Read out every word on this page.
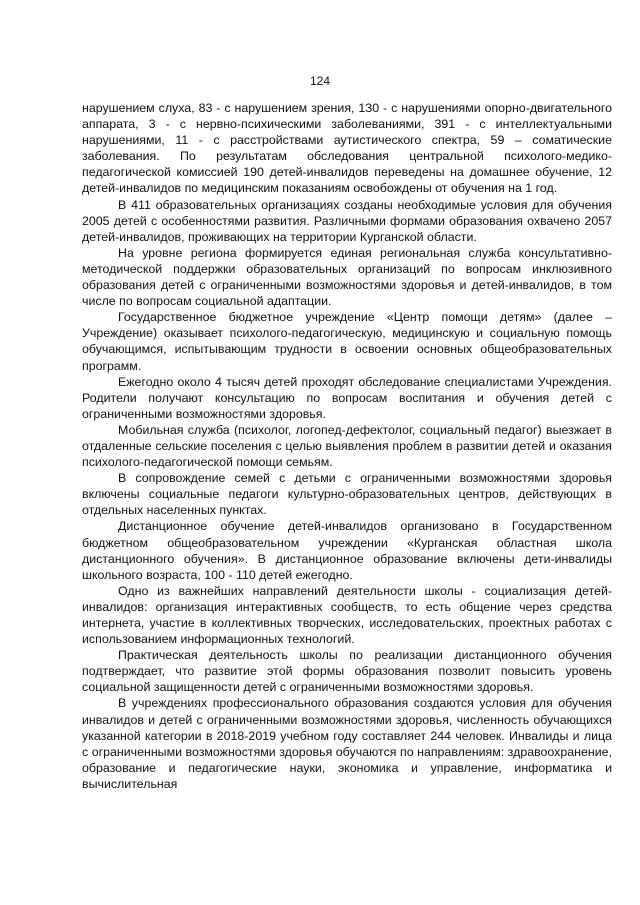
124

нарушением слуха, 83 - с нарушением зрения, 130 - с нарушениями опорно-двигательного аппарата, 3 - с нервно-психическими заболеваниями, 391 - с интеллектуальными нарушениями, 11 - с расстройствами аутистического спектра, 59 – соматические заболевания. По результатам обследования центральной психолого-медико-педагогической комиссией 190 детей-инвалидов переведены на домашнее обучение, 12 детей-инвалидов по медицинским показаниям освобождены от обучения на 1 год.

В 411 образовательных организациях созданы необходимые условия для обучения 2005 детей с особенностями развития. Различными формами образования охвачено 2057 детей-инвалидов, проживающих на территории Курганской области.

На уровне региона формируется единая региональная служба консультативно-методической поддержки образовательных организаций по вопросам инклюзивного образования детей с ограниченными возможностями здоровья и детей-инвалидов, в том числе по вопросам социальной адаптации.

Государственное бюджетное учреждение «Центр помощи детям» (далее – Учреждение) оказывает психолого-педагогическую, медицинскую и социальную помощь обучающимся, испытывающим трудности в освоении основных общеобразовательных программ.

Ежегодно около 4 тысяч детей проходят обследование специалистами Учреждения. Родители получают консультацию по вопросам воспитания и обучения детей с ограниченными возможностями здоровья.

Мобильная служба (психолог, логопед-дефектолог, социальный педагог) выезжает в отдаленные сельские поселения с целью выявления проблем в развитии детей и оказания психолого-педагогической помощи семьям.

В сопровождение семей с детьми с ограниченными возможностями здоровья включены социальные педагоги культурно-образовательных центров, действующих в отдельных населенных пунктах.

Дистанционное обучение детей-инвалидов организовано в Государственном бюджетном общеобразовательном учреждении «Курганская областная школа дистанционного обучения». В дистанционное образование включены дети-инвалиды школьного возраста, 100 - 110 детей ежегодно.

Одно из важнейших направлений деятельности школы - социализация детей-инвалидов: организация интерактивных сообществ, то есть общение через средства интернета, участие в коллективных творческих, исследовательских, проектных работах с использованием информационных технологий.

Практическая деятельность школы по реализации дистанционного обучения подтверждает, что развитие этой формы образования позволит повысить уровень социальной защищенности детей с ограниченными возможностями здоровья.

В учреждениях профессионального образования создаются условия для обучения инвалидов и детей с ограниченными возможностями здоровья, численность обучающихся указанной категории в 2018-2019 учебном году составляет 244 человек. Инвалиды и лица с ограниченными возможностями здоровья обучаются по направлениям: здравоохранение, образование и педагогические науки, экономика и управление, информатика и вычислительная
